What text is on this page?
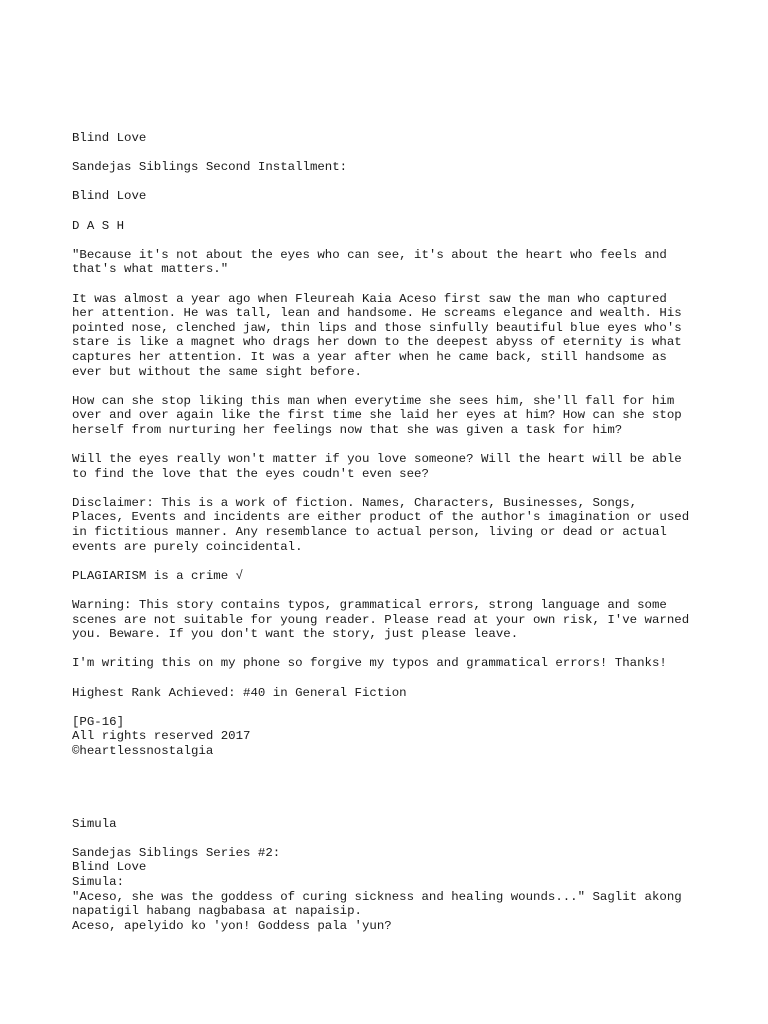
Blind Love
Sandejas Siblings Second Installment:
Blind Love
D A S H
"Because it's not about the eyes who can see, it's about the heart who feels and
that's what matters."
It was almost a year ago when Fleureah Kaia Aceso first saw the man who captured
her attention. He was tall, lean and handsome. He screams elegance and wealth. His
pointed nose, clenched jaw, thin lips and those sinfully beautiful blue eyes who's
stare is like a magnet who drags her down to the deepest abyss of eternity is what
captures her attention. It was a year after when he came back, still handsome as
ever but without the same sight before.
How can she stop liking this man when everytime she sees him, she'll fall for him
over and over again like the first time she laid her eyes at him? How can she stop
herself from nurturing her feelings now that she was given a task for him?
Will the eyes really won't matter if you love someone? Will the heart will be able
to find the love that the eyes coudn't even see?
Disclaimer: This is a work of fiction. Names, Characters, Businesses, Songs,
Places, Events and incidents are either product of the author's imagination or used
in fictitious manner. Any resemblance to actual person, living or dead or actual
events are purely coincidental.
PLAGIARISM is a crime √
Warning: This story contains typos, grammatical errors, strong language and some
scenes are not suitable for young reader. Please read at your own risk, I've warned
you. Beware. If you don't want the story, just please leave.
I'm writing this on my phone so forgive my typos and grammatical errors! Thanks!
Highest Rank Achieved: #40 in General Fiction
[PG-16]
All rights reserved 2017
©heartlessnostalgia
Simula
Sandejas Siblings Series #2:
Blind Love
Simula:
"Aceso, she was the goddess of curing sickness and healing wounds..." Saglit akong
napatigil habang nagbabasa at napaisip.
Aceso, apelyido ko 'yon! Goddess pala 'yun?
